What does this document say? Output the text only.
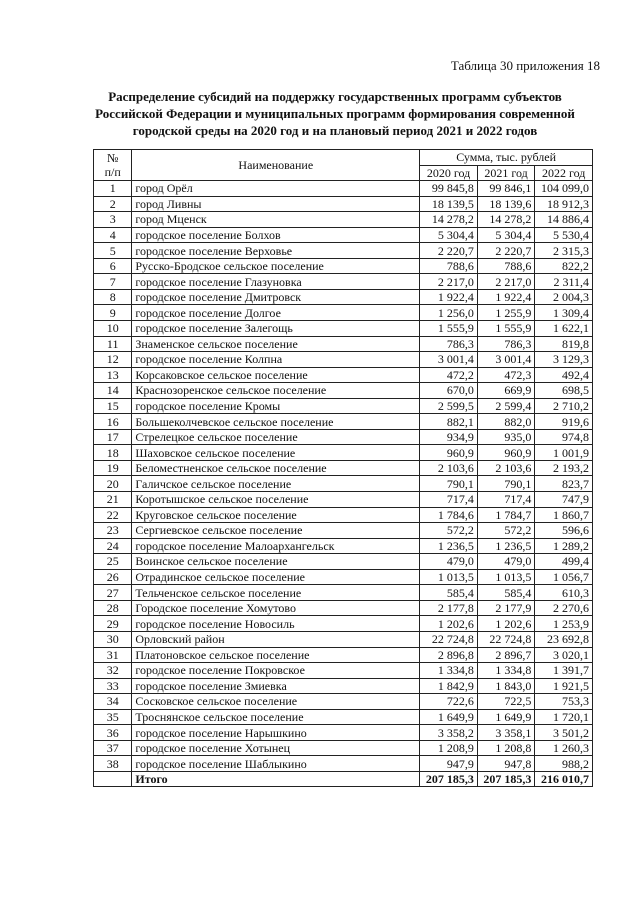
Таблица 30 приложения 18
Распределение субсидий на поддержку государственных программ субъектов
Российской Федерации и муниципальных программ формирования современной
городской среды на 2020 год и на плановый период 2021 и 2022 годов
№
п/п	Наименование	Сумма, тыс. рублей		
		2020 год	2021 год	2022 год
1	город Орёл	99 845,8	99 846,1	104 099,0
2	город Ливны	18 139,5	18 139,6	18 912,3
3	город Мценск	14 278,2	14 278,2	14 886,4
4	городское поселение Болхов	5 304,4	5 304,4	5 530,4
5	городское поселение Верховье	2 220,7	2 220,7	2 315,3
6	Русско-Бродское сельское поселение	788,6	788,6	822,2
7	городское поселение Глазуновка	2 217,0	2 217,0	2 311,4
8	городское поселение Дмитровск	1 922,4	1 922,4	2 004,3
9	городское поселение Долгое	1 256,0	1 255,9	1 309,4
10	городское поселение Залегощь	1 555,9	1 555,9	1 622,1
11	Знаменское сельское поселение	786,3	786,3	819,8
12	городское поселение Колпна	3 001,4	3 001,4	3 129,3
13	Корсаковское сельское поселение	472,2	472,3	492,4
14	Краснозоренское сельское поселение	670,0	669,9	698,5
15	городское поселение Кромы	2 599,5	2 599,4	2 710,2
16	Большеколчевское сельское поселение	882,1	882,0	919,6
17	Стрелецкое сельское поселение	934,9	935,0	974,8
18	Шаховское сельское поселение	960,9	960,9	1 001,9
19	Беломестненское сельское поселение	2 103,6	2 103,6	2 193,2
20	Галичское сельское поселение	790,1	790,1	823,7
21	Коротышское сельское поселение	717,4	717,4	747,9
22	Круговское сельское поселение	1 784,6	1 784,7	1 860,7
23	Сергиевское сельское поселение	572,2	572,2	596,6
24	городское поселение Малоархангельск	1 236,5	1 236,5	1 289,2
25	Воинское сельское поселение	479,0	479,0	499,4
26	Отрадинское сельское поселение	1 013,5	1 013,5	1 056,7
27	Тельченское сельское поселение	585,4	585,4	610,3
28	Городское поселение Хомутово	2 177,8	2 177,9	2 270,6
29	городское поселение Новосиль	1 202,6	1 202,6	1 253,9
30	Орловский район	22 724,8	22 724,8	23 692,8
31	Платоновское сельское поселение	2 896,8	2 896,7	3 020,1
32	городское поселение Покровское	1 334,8	1 334,8	1 391,7
33	городское поселение Змиевка	1 842,9	1 843,0	1 921,5
34	Сосковское сельское поселение	722,6	722,5	753,3
35	Троснянское сельское поселение	1 649,9	1 649,9	1 720,1
36	городское поселение Нарышкино	3 358,2	3 358,1	3 501,2
37	городское поселение Хотынец	1 208,9	1 208,8	1 260,3
38	городское поселение Шаблыкино	947,9	947,8	988,2
	Итого	207 185,3	207 185,3	216 010,7
